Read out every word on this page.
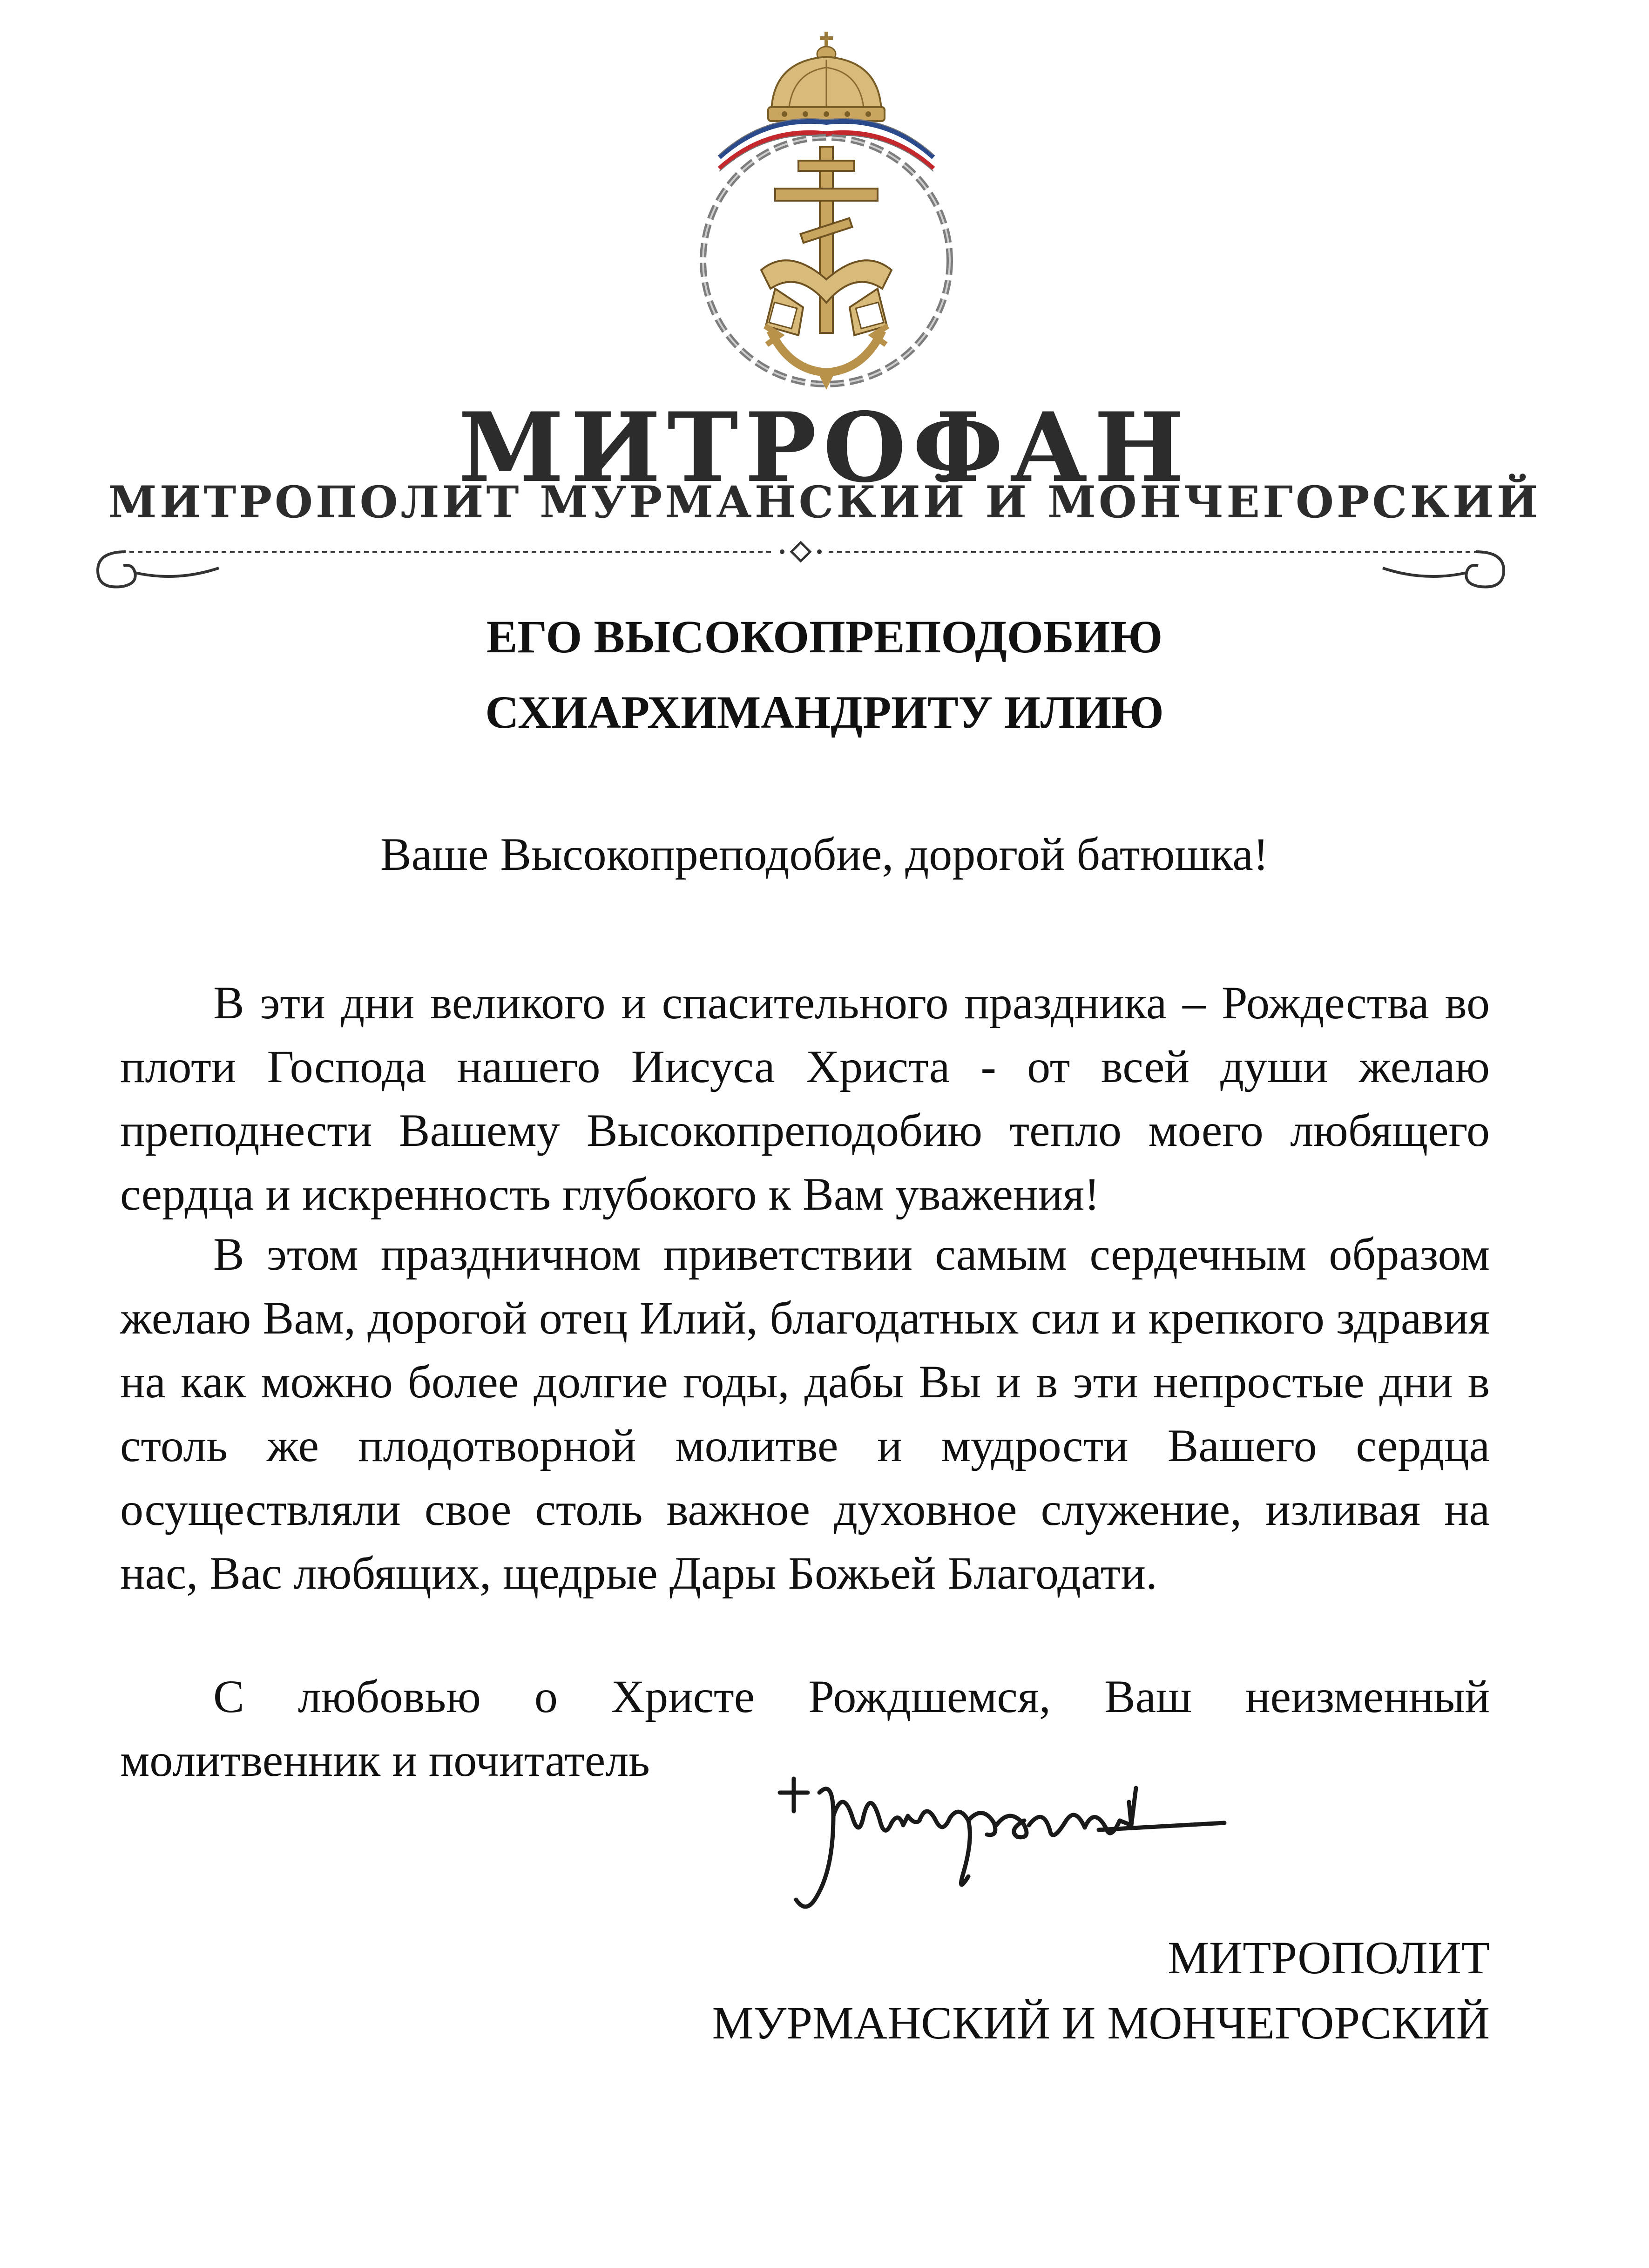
МИТРОФАН
МИТРОПОЛИТ МУРМАНСКИЙ И МОНЧЕГОРСКИЙ
ЕГО ВЫСОКОПРЕПОДОБИЮ
СХИАРХИМАНДРИТУ ИЛИЮ
Ваше Высокопреподобие, дорогой батюшка!

В эти дни великого и спасительного праздника – Рождества во плоти Господа нашего Иисуса Христа - от всей души желаю преподнести Вашему Высокопреподобию тепло моего любящего сердца и искренность глубокого к Вам уважения!

В этом праздничном приветствии самым сердечным образом желаю Вам, дорогой отец Илий, благодатных сил и крепкого здравия на как можно более долгие годы, дабы Вы и в эти непростые дни в столь же плодотворной молитве и мудрости Вашего сердца осуществляли свое столь важное духовное служение, изливая на нас, Вас любящих, щедрые Дары Божьей Благодати.

С любовью о Христе Рождшемся, Ваш неизменный молитвенник и почитатель

МИТРОПОЛИТ
МУРМАНСКИЙ И МОНЧЕГОРСКИЙ
